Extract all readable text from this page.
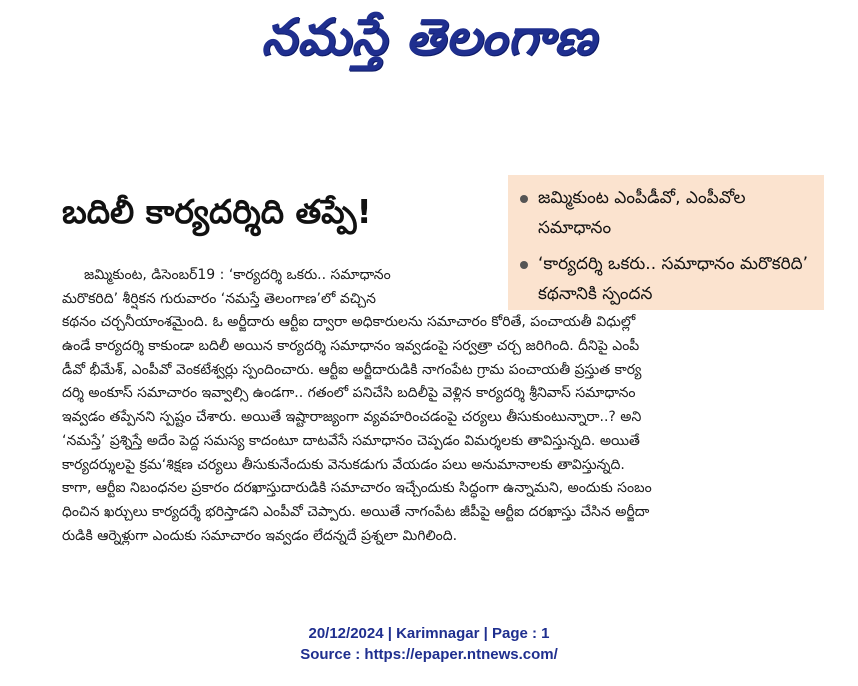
నమస్తే తెలంగాణ
బదిలీ కార్యదర్శిది తప్పే!	జమ్మికుంట ఎంపీడీవో, ఎంపీవోల సమాధానం
‘కార్యదర్శి ఒకరు.. సమాధానం మరొకరిది’ కథనానికి స్పందన
జమ్మికుంట, డిసెంబర్19 : ‘కార్యదర్శి ఒకరు.. సమాధానం
మరొకరిది’ శీర్షికన గురువారం ‘నమస్తే తెలంగాణ’లో వచ్చిన
కథనం చర్చనీయాంశమైంది. ఓ అర్జీదారు ఆర్టీఐ ద్వారా అధికారులను సమాచారం కోరితే, పంచాయతీ విధుల్లో
ఉండే కార్యదర్శి కాకుండా బదిలీ అయిన కార్యదర్శి సమాధానం ఇవ్వడంపై సర్వత్రా చర్చ జరిగింది. దీనిపై ఎంపీ
డీవో భీమేశ్, ఎంపీవో వెంకటేశ్వర్లు స్పందించారు. ఆర్టీఐ అర్జీదారుడికి నాగంపేట గ్రామ పంచాయతీ ప్రస్తుత కార్య
దర్శి అంకూస్ సమాచారం ఇవ్వాల్సి ఉండగా.. గతంలో పనిచేసి బదిలీపై వెళ్లిన కార్యదర్శి శ్రీనివాస్ సమాధానం
ఇవ్వడం తప్పేనని స్పష్టం చేశారు. అయితే ఇష్టారాజ్యంగా వ్యవహరించడంపై చర్యలు తీసుకుంటున్నారా..? అని
‘నమస్తే’ ప్రశ్నిస్తే అదేం పెద్ద సమస్య కాదంటూ దాటవేసే సమాధానం చెప్పడం విమర్శలకు తావిస్తున్నది. అయితే
కార్యదర్శులపై క్రమ‘శిక్షణ చర్యలు తీసుకునేందుకు వెనుకడుగు వేయడం పలు అనుమానాలకు తావిస్తున్నది.
కాగా, ఆర్టీఐ నిబంధనల ప్రకారం దరఖాస్తుదారుడికి సమాచారం ఇచ్చేందుకు సిద్ధంగా ఉన్నామని, అందుకు సంబం
ధించిన ఖర్చులు కార్యదర్శే భరిస్తాడని ఎంపీవో చెప్పారు. అయితే నాగంపేట జీపీపై ఆర్టీఐ దరఖాస్తు చేసిన అర్జీదా
రుడికి ఆర్నెళ్లుగా ఎందుకు సమాచారం ఇవ్వడం లేదన్నదే ప్రశ్నలా మిగిలింది.
20/12/2024 | Karimnagar | Page : 1
Source : https://epaper.ntnews.com/
